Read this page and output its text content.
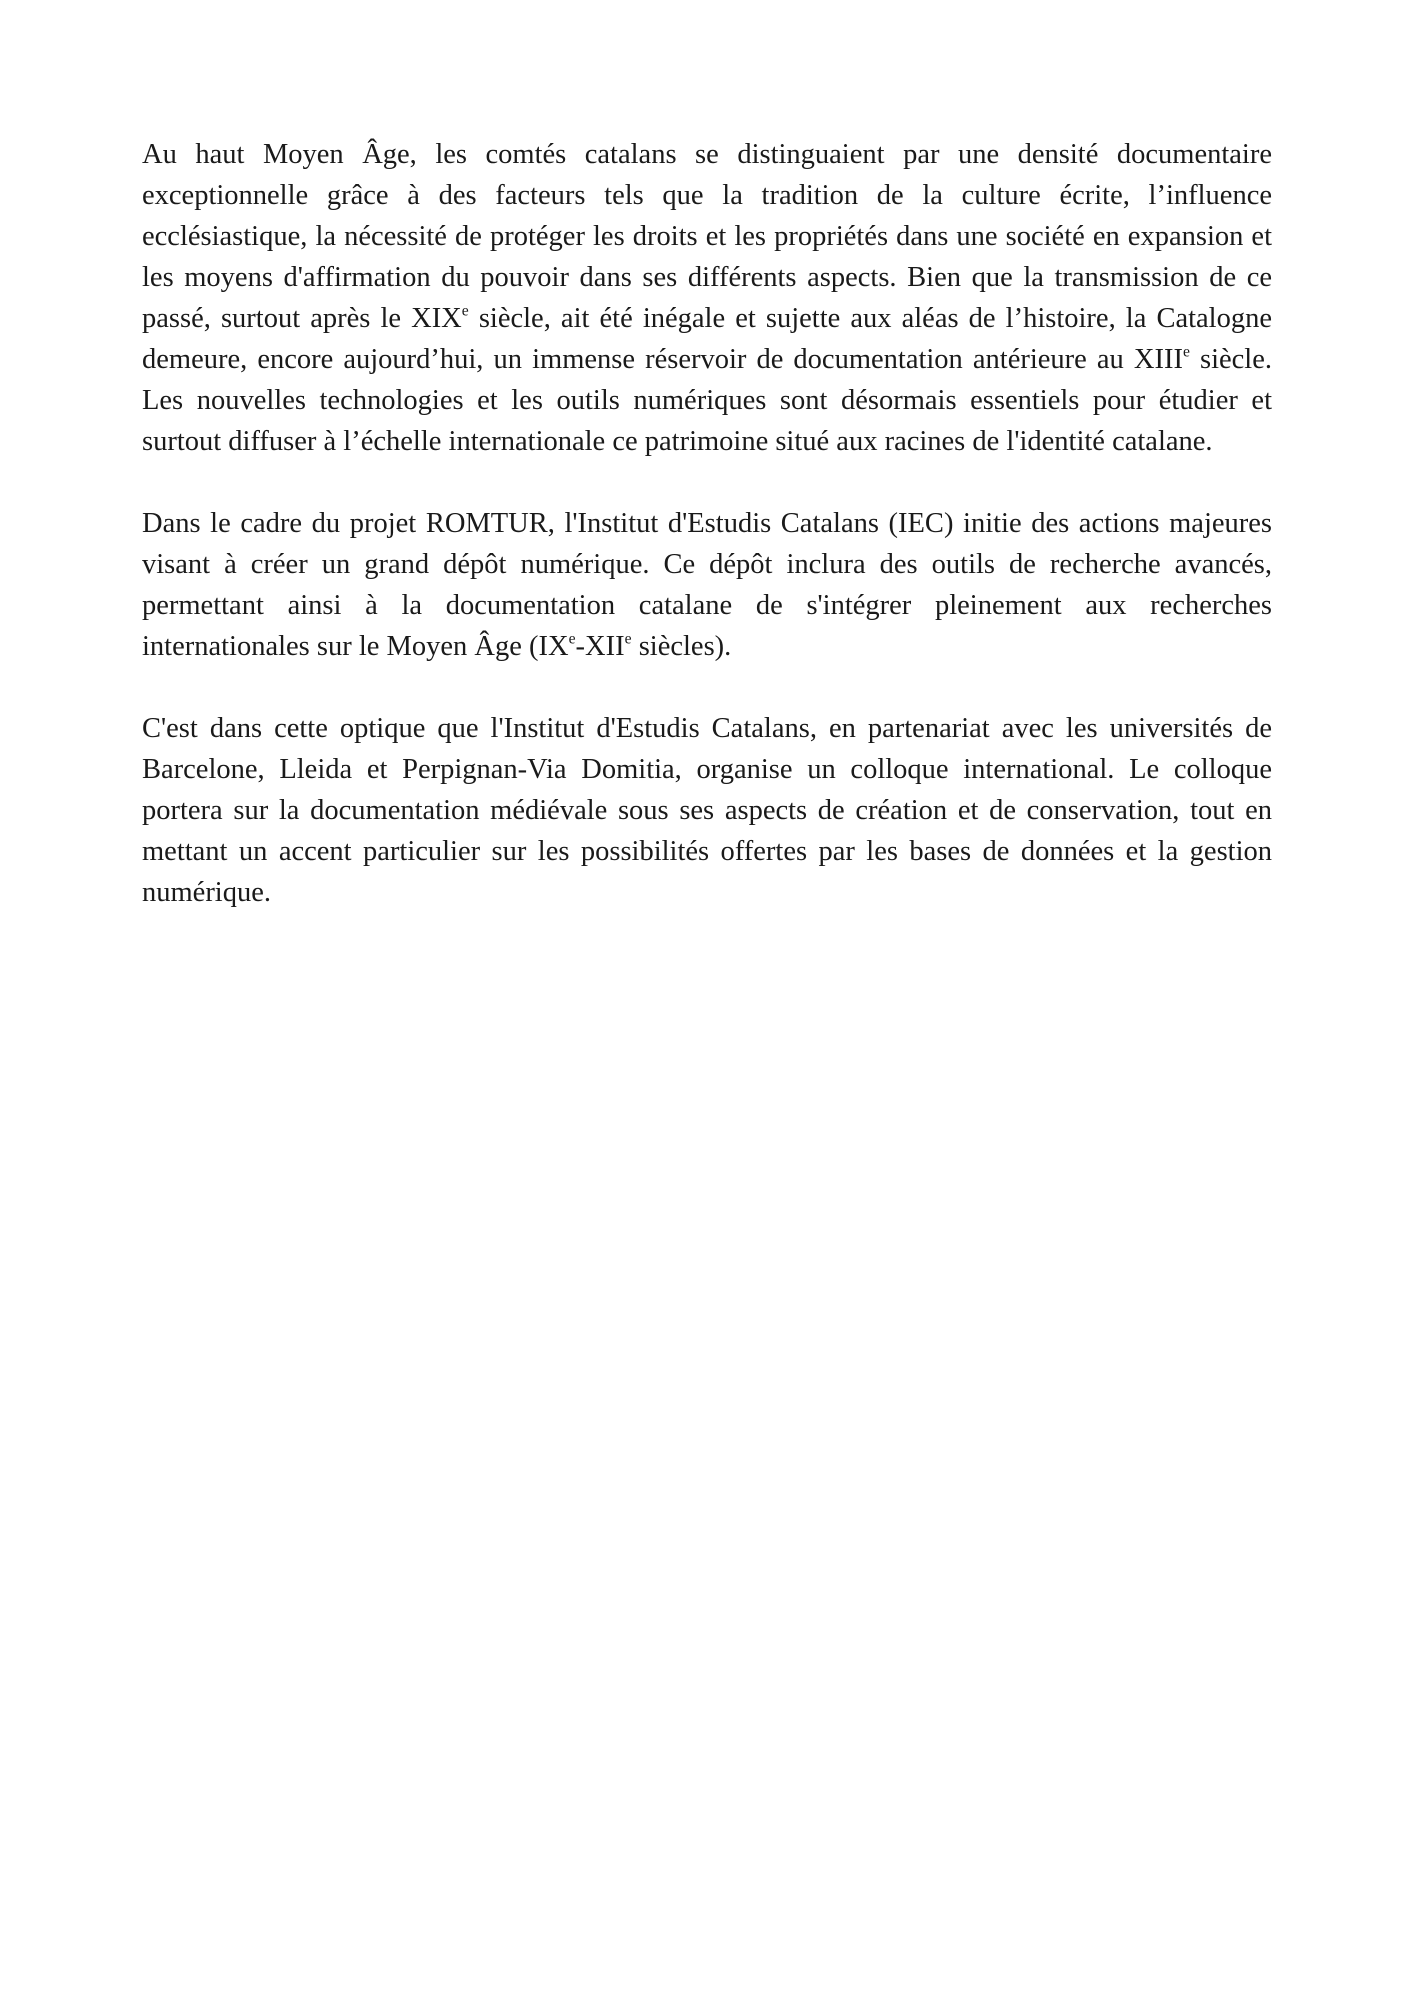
Au haut Moyen Âge, les comtés catalans se distinguaient par une densité documentaire exceptionnelle grâce à des facteurs tels que la tradition de la culture écrite, l’influence ecclésiastique, la nécessité de protéger les droits et les propriétés dans une société en expansion et les moyens d'affirmation du pouvoir dans ses différents aspects. Bien que la transmission de ce passé, surtout après le XIXe siècle, ait été inégale et sujette aux aléas de l’histoire, la Catalogne demeure, encore aujourd’hui, un immense réservoir de documentation antérieure au XIIIe siècle. Les nouvelles technologies et les outils numériques sont désormais essentiels pour étudier et surtout diffuser à l’échelle internationale ce patrimoine situé aux racines de l'identité catalane.

Dans le cadre du projet ROMTUR, l'Institut d'Estudis Catalans (IEC) initie des actions majeures visant à créer un grand dépôt numérique. Ce dépôt inclura des outils de recherche avancés, permettant ainsi à la documentation catalane de s'intégrer pleinement aux recherches internationales sur le Moyen Âge (IXe-XIIe siècles).

C'est dans cette optique que l'Institut d'Estudis Catalans, en partenariat avec les universités de Barcelone, Lleida et Perpignan-Via Domitia, organise un colloque international. Le colloque portera sur la documentation médiévale sous ses aspects de création et de conservation, tout en mettant un accent particulier sur les possibilités offertes par les bases de données et la gestion numérique.
